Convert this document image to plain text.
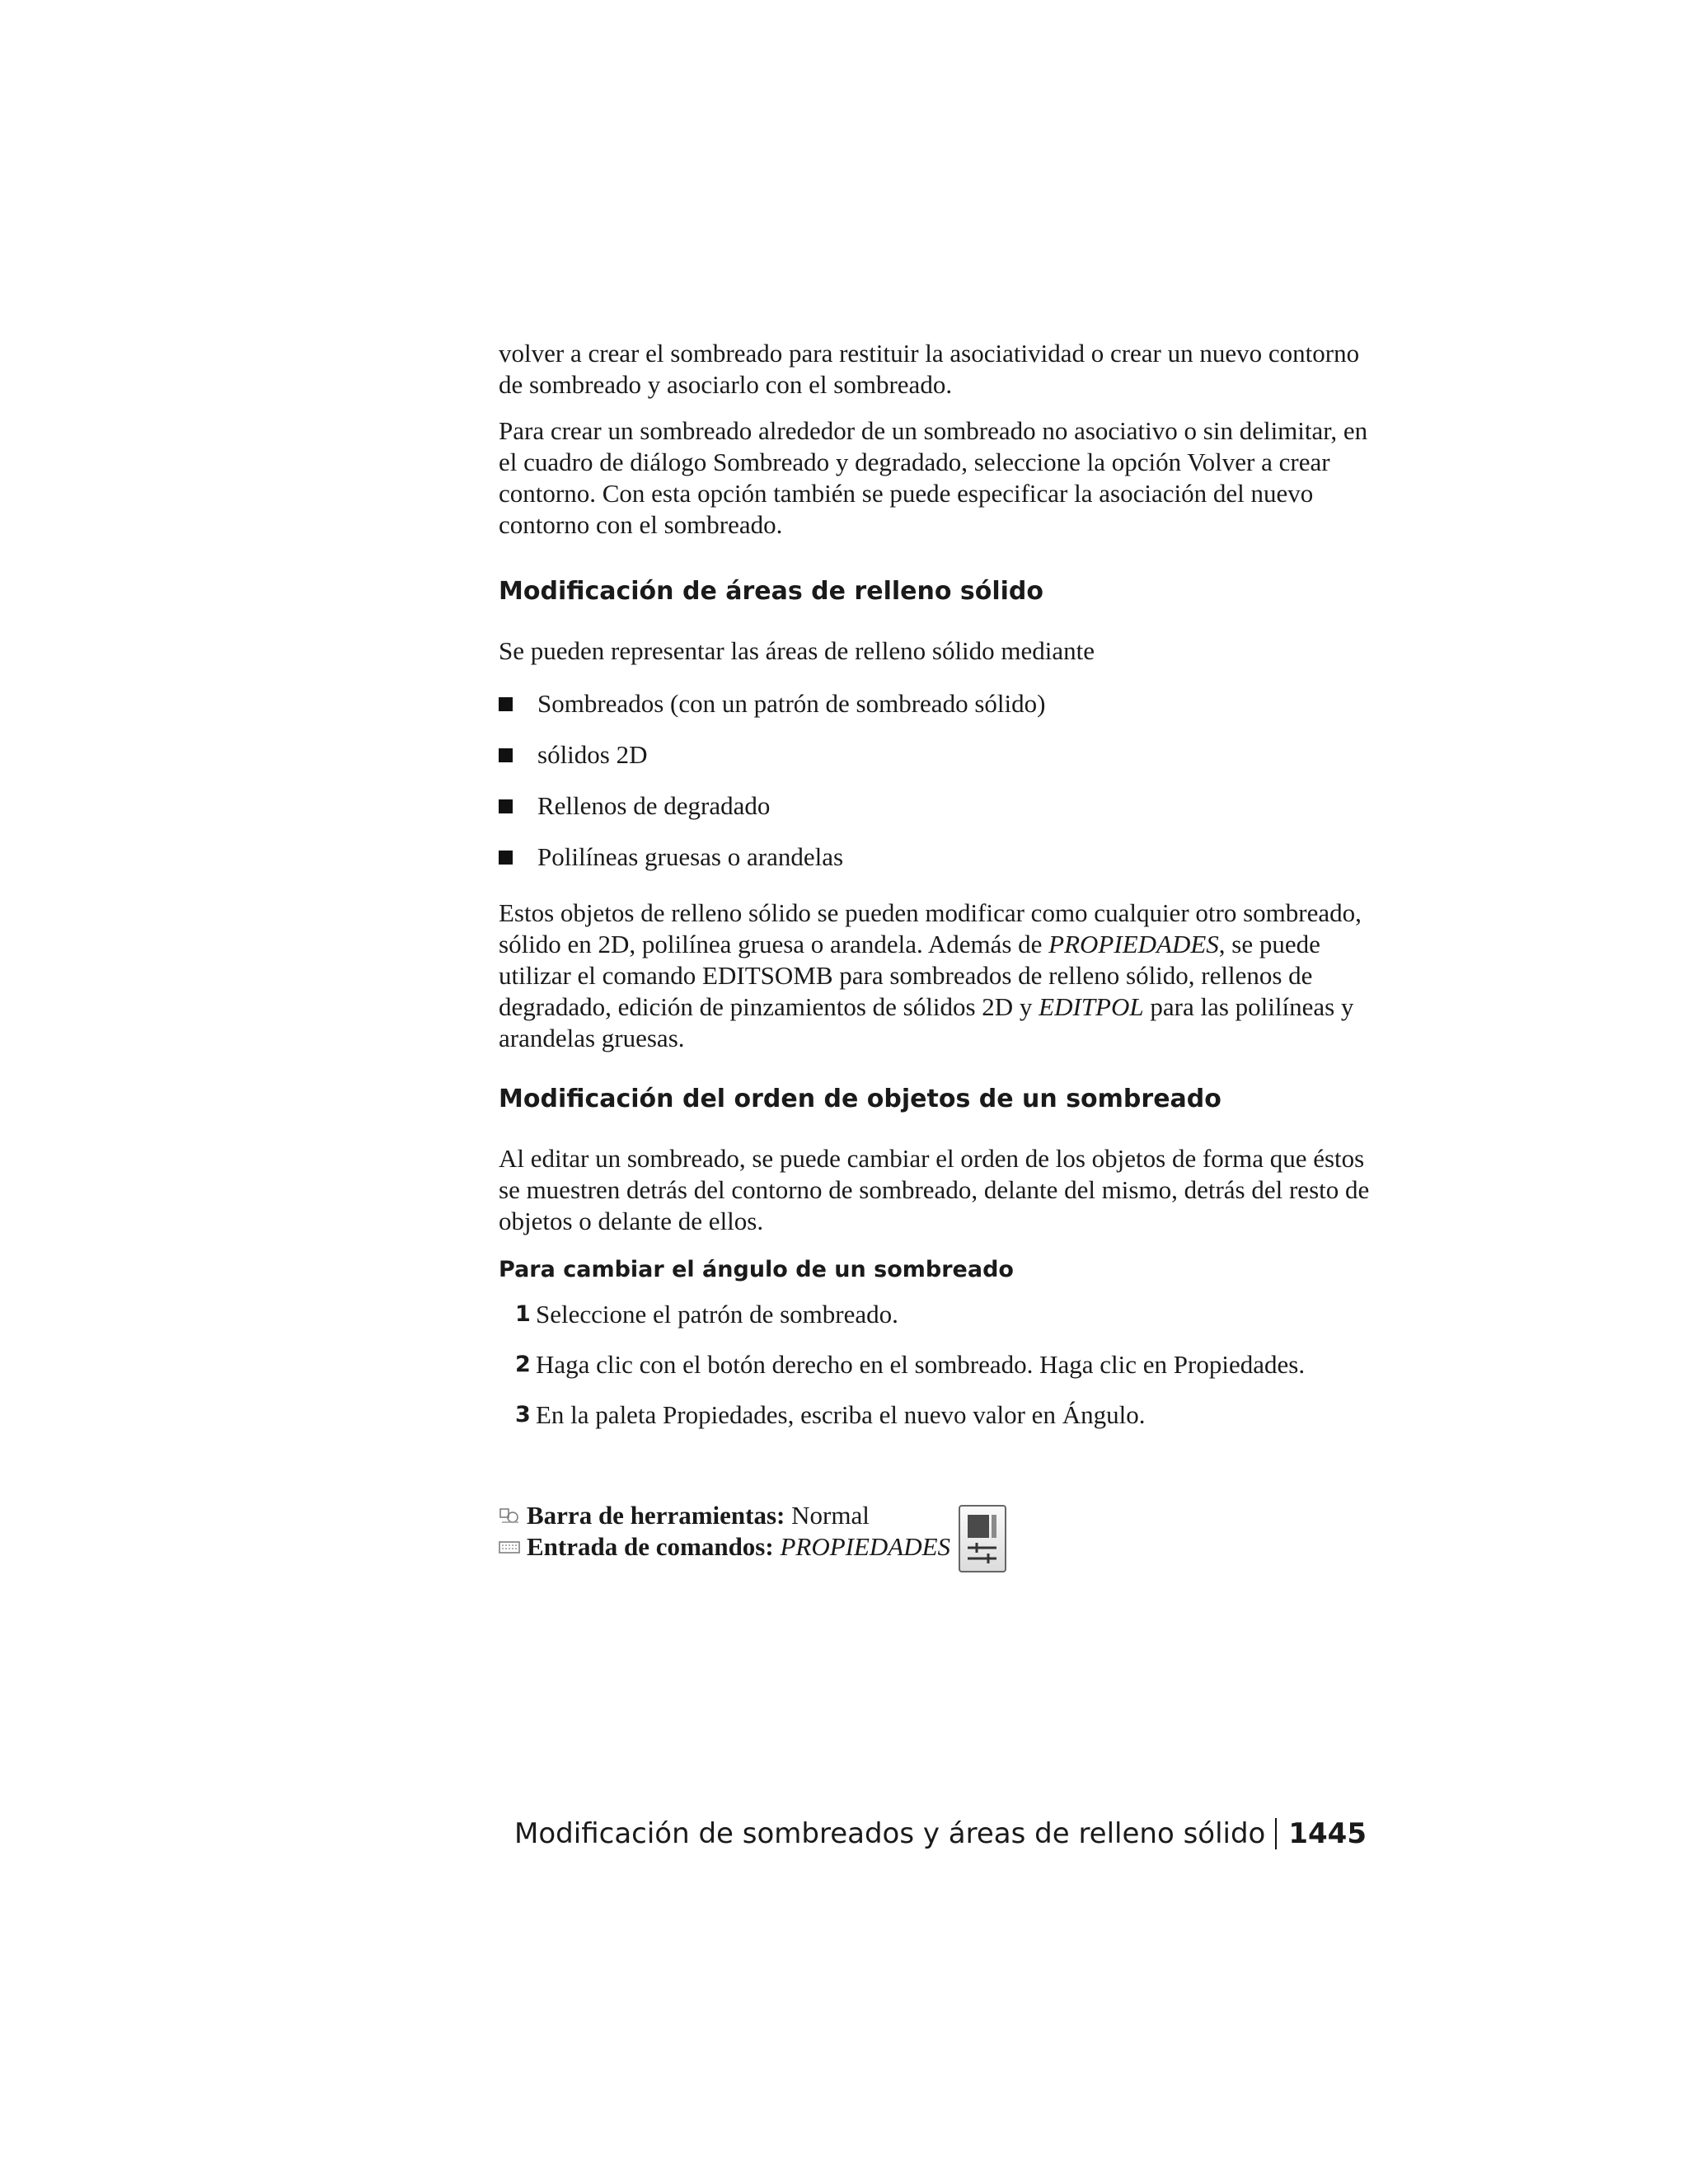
volver a crear el sombreado para restituir la asociatividad o crear un nuevo contorno de sombreado y asociarlo con el sombreado.

Para crear un sombreado alrededor de un sombreado no asociativo o sin delimitar, en el cuadro de diálogo Sombreado y degradado, seleccione la opción Volver a crear contorno. Con esta opción también se puede especificar la asociación del nuevo contorno con el sombreado.

Modificación de áreas de relleno sólido

Se pueden representar las áreas de relleno sólido mediante

Sombreados (con un patrón de sombreado sólido)
sólidos 2D
Rellenos de degradado
Polilíneas gruesas o arandelas

Estos objetos de relleno sólido se pueden modificar como cualquier otro sombreado, sólido en 2D, polilínea gruesa o arandela. Además de PROPIEDADES, se puede utilizar el comando EDITSOMB para sombreados de relleno sólido, rellenos de degradado, edición de pinzamientos de sólidos 2D y EDITPOL para las polilíneas y arandelas gruesas.

Modificación del orden de objetos de un sombreado

Al editar un sombreado, se puede cambiar el orden de los objetos de forma que éstos se muestren detrás del contorno de sombreado, delante del mismo, detrás del resto de objetos o delante de ellos.

Para cambiar el ángulo de un sombreado
1 Seleccione el patrón de sombreado.
2 Haga clic con el botón derecho en el sombreado. Haga clic en Propiedades.
3 En la paleta Propiedades, escriba el nuevo valor en Ángulo.
Barra de herramientas:
Normal
Entrada de comandos:
PROPIEDADES
Modificación de sombreados y áreas de relleno sólido 1445
